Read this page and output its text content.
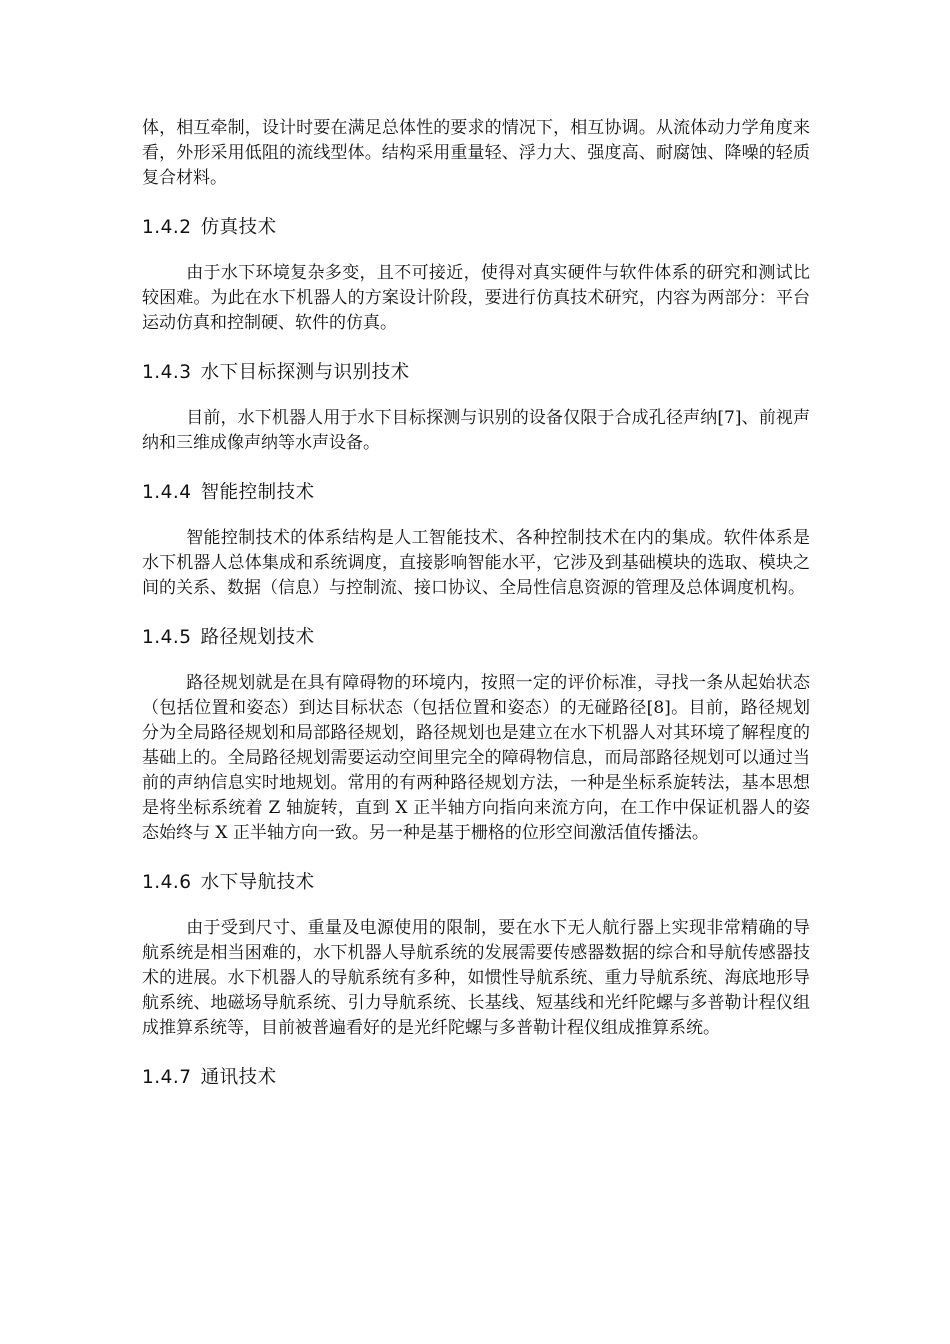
体，相互牵制，设计时要在满足总体性的要求的情况下，相互协调。从流体动力学角度来看，外形采用低阻的流线型体。结构采用重量轻、浮力大、强度高、耐腐蚀、降噪的轻质复合材料。

1.4.2 仿真技术

由于水下环境复杂多变，且不可接近，使得对真实硬件与软件体系的研究和测试比较困难。为此在水下机器人的方案设计阶段，要进行仿真技术研究，内容为两部分：平台运动仿真和控制硬、软件的仿真。

1.4.3 水下目标探测与识别技术

目前，水下机器人用于水下目标探测与识别的设备仅限于合成孔径声纳[7]、前视声纳和三维成像声纳等水声设备。

1.4.4 智能控制技术

智能控制技术的体系结构是人工智能技术、各种控制技术在内的集成。软件体系是水下机器人总体集成和系统调度，直接影响智能水平，它涉及到基础模块的选取、模块之间的关系、数据（信息）与控制流、接口协议、全局性信息资源的管理及总体调度机构。

1.4.5 路径规划技术

路径规划就是在具有障碍物的环境内，按照一定的评价标准，寻找一条从起始状态（包括位置和姿态）到达目标状态（包括位置和姿态）的无碰路径[8]。目前，路径规划分为全局路径规划和局部路径规划，路径规划也是建立在水下机器人对其环境了解程度的基础上的。全局路径规划需要运动空间里完全的障碍物信息，而局部路径规划可以通过当前的声纳信息实时地规划。常用的有两种路径规划方法，一种是坐标系旋转法，基本思想是将坐标系统着 Z 轴旋转，直到 X 正半轴方向指向来流方向，在工作中保证机器人的姿态始终与 X 正半轴方向一致。另一种是基于栅格的位形空间激活值传播法。

1.4.6 水下导航技术

由于受到尺寸、重量及电源使用的限制，要在水下无人航行器上实现非常精确的导航系统是相当困难的，水下机器人导航系统的发展需要传感器数据的综合和导航传感器技术的进展。水下机器人的导航系统有多种，如惯性导航系统、重力导航系统、海底地形导航系统、地磁场导航系统、引力导航系统、长基线、短基线和光纤陀螺与多普勒计程仪组成推算系统等，目前被普遍看好的是光纤陀螺与多普勒计程仪组成推算系统。

1.4.7 通讯技术
